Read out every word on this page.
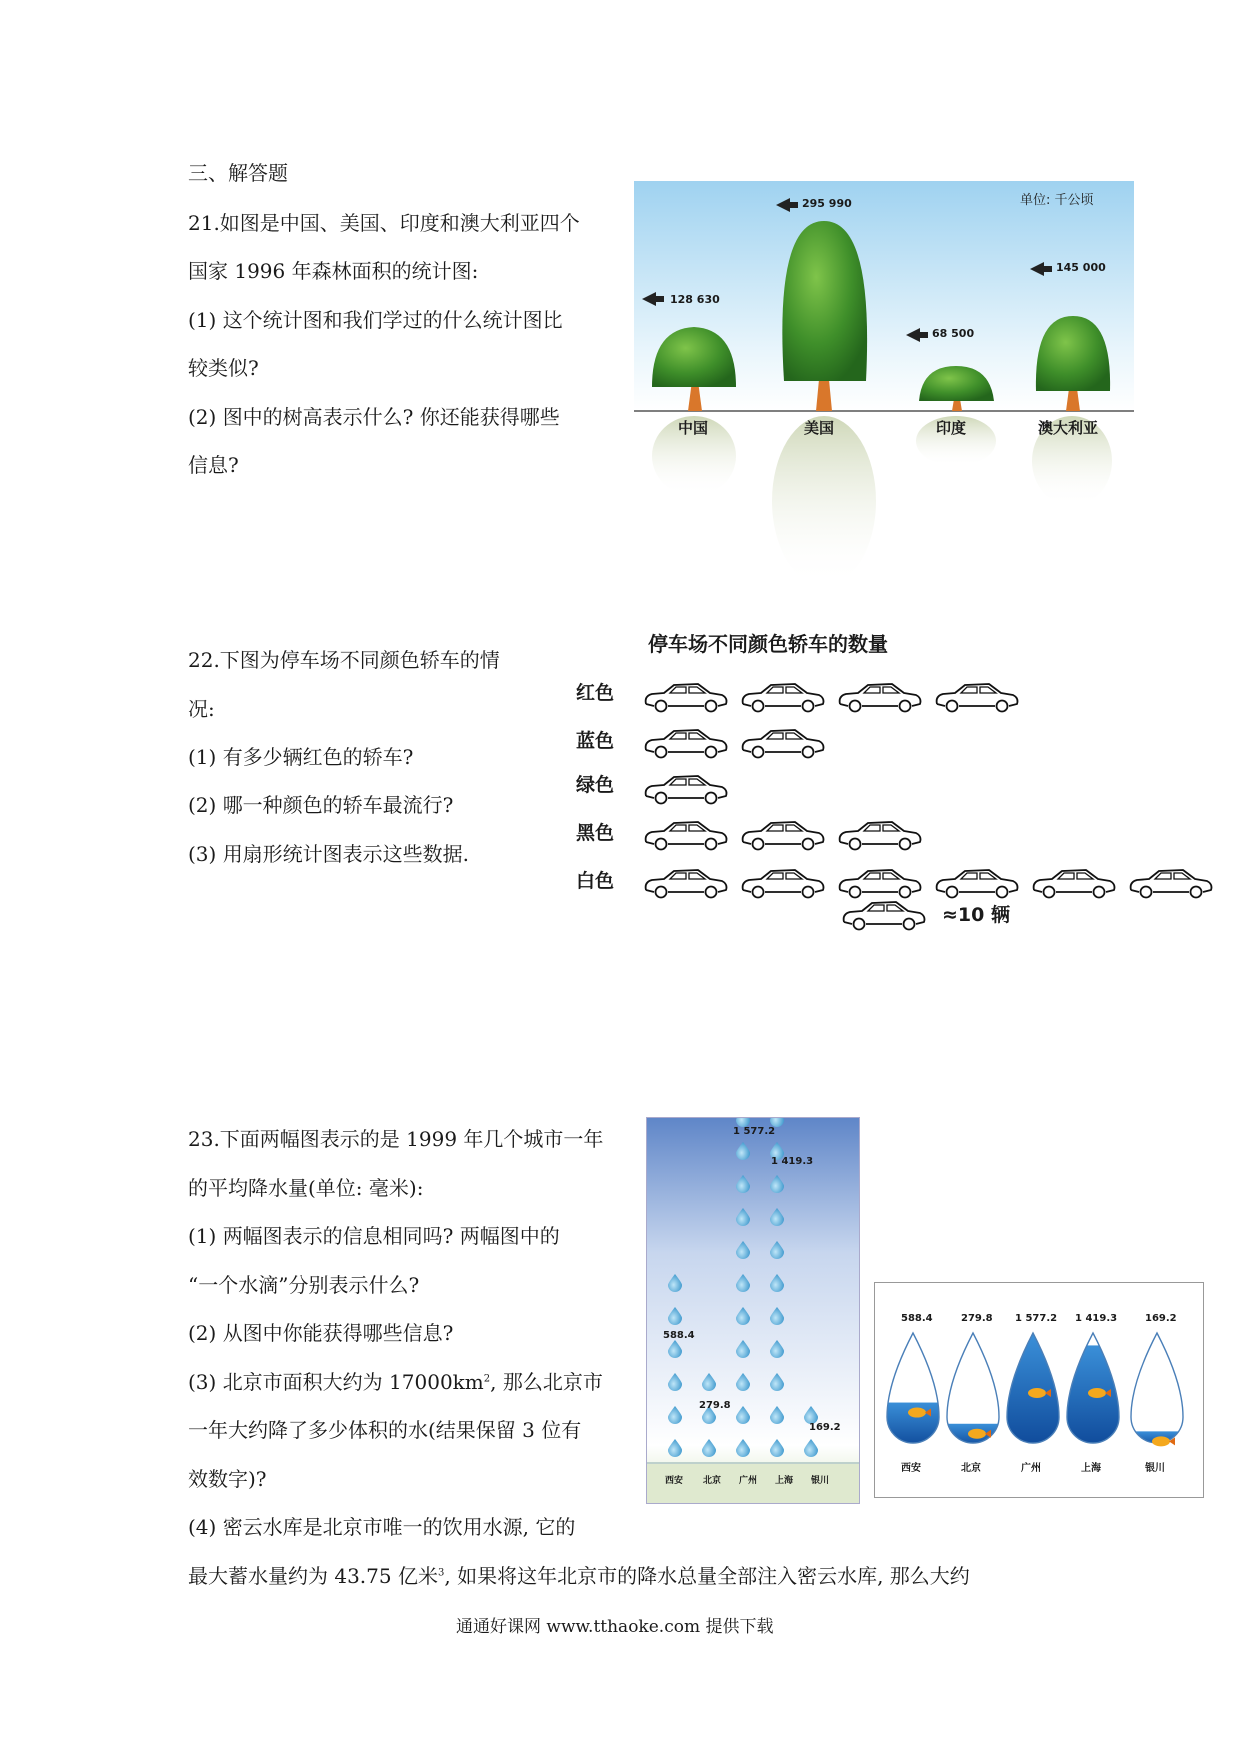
三、解答题
21.如图是中国、美国、印度和澳大利亚四个
国家 1996 年森林面积的统计图:
(1) 这个统计图和我们学过的什么统计图比
较类似?
(2) 图中的树高表示什么? 你还能获得哪些
信息?
128 630
295 990
68 500
145 000
单位: 千公顷
中国	美国	印度	澳大利亚
22.下图为停车场不同颜色轿车的情
况:
(1) 有多少辆红色的轿车?
(2) 哪一种颜色的轿车最流行?
(3) 用扇形统计图表示这些数据.
停车场不同颜色轿车的数量
红色
蓝色
绿色
黑色
白色
≈10 辆
23.下面两幅图表示的是 1999 年几个城市一年
的平均降水量(单位: 毫米):
(1) 两幅图表示的信息相同吗? 两幅图中的
“一个水滴”分别表示什么?
(2) 从图中你能获得哪些信息?
(3) 北京市面积大约为 $17000km^2$, 那么北京市
一年大约降了多少体积的水(结果保留 3 位有
效数字)?
(4) 密云水库是北京市唯一的饮用水源, 它的
最大蓄水量约为 43.75 亿米$^3$, 如果将这年北京市的降水总量全部注入密云水库, 那么大约
588.4
279.8
1 577.2
1 419.3
169.2
西安 北京 广州 上海 银川
588.4	279.8 1 577.2 1 419.3	169.2
西安	北京	广州	上海	银川
通通好课网 www.tthaoke.com 提供下载
